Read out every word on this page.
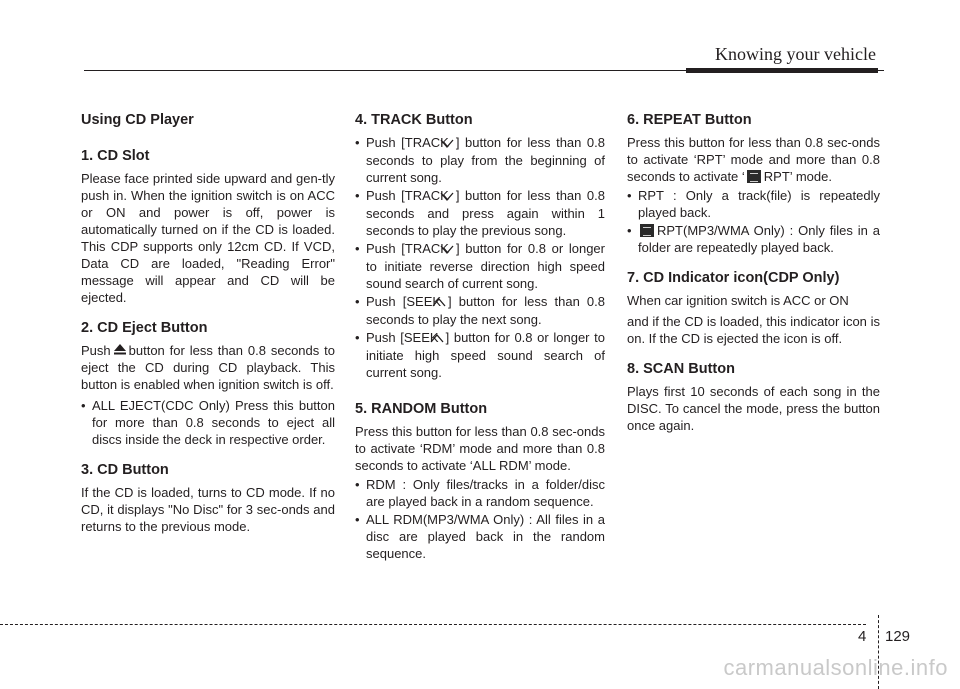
Knowing your vehicle
Using CD Player
1. CD Slot

Please face printed side upward and gen-tly push in. When the ignition switch is on ACC or ON and power is off, power is automatically turned on if the CD is loaded. This CDP supports only 12cm CD. If VCD, Data CD are loaded, "Reading Error" message will appear and CD will be ejected.

2. CD Eject Button

Push button for less than 0.8 seconds to eject the CD during CD playback. This button is enabled when ignition switch is off.

• ALL EJECT(CDC Only) Press this button for more than 0.8 seconds to eject all discs inside the deck in respective order.
3. CD Button

If the CD is loaded, turns to CD mode. If no CD, it displays "No Disc" for 3 sec-onds and returns to the previous mode.

4. TRACK Button
• Push [TRACK ] button for less than 0.8 seconds to play from the beginning of current song.
• Push [TRACK ] button for less than 0.8 seconds and press again within 1 seconds to play the previous song.
• Push [TRACK ] button for 0.8 or longer to initiate reverse direction high speed sound search of current song.
• Push [SEEK ] button for less than 0.8 seconds to play the next song.
• Push [SEEK ] button for 0.8 or longer to initiate high speed sound search of current song.
5. RANDOM Button

Press this button for less than 0.8 sec-onds to activate ‘RDM’ mode and more than 0.8 seconds to activate ‘ALL RDM’ mode.

• RDM : Only files/tracks in a folder/disc are played back in a random sequence.
• ALL RDM(MP3/WMA Only) : All files in a disc are played back in the random sequence.
6. REPEAT Button

Press this button for less than 0.8 sec-onds to activate ‘RPT’ mode and more than 0.8 seconds to activate ‘ RPT’ mode.

• RPT : Only a track(file) is repeatedly played back.
• RPT(MP3/WMA Only) : Only files in a folder are repeatedly played back.
7. CD Indicator icon(CDP Only)

When car ignition switch is ACC or ON

and if the CD is loaded, this indicator icon is on. If the CD is ejected the icon is off.

8. SCAN Button

Plays first 10 seconds of each song in the DISC. To cancel the mode, press the button once again.

4 129
carmanualsonline.info
